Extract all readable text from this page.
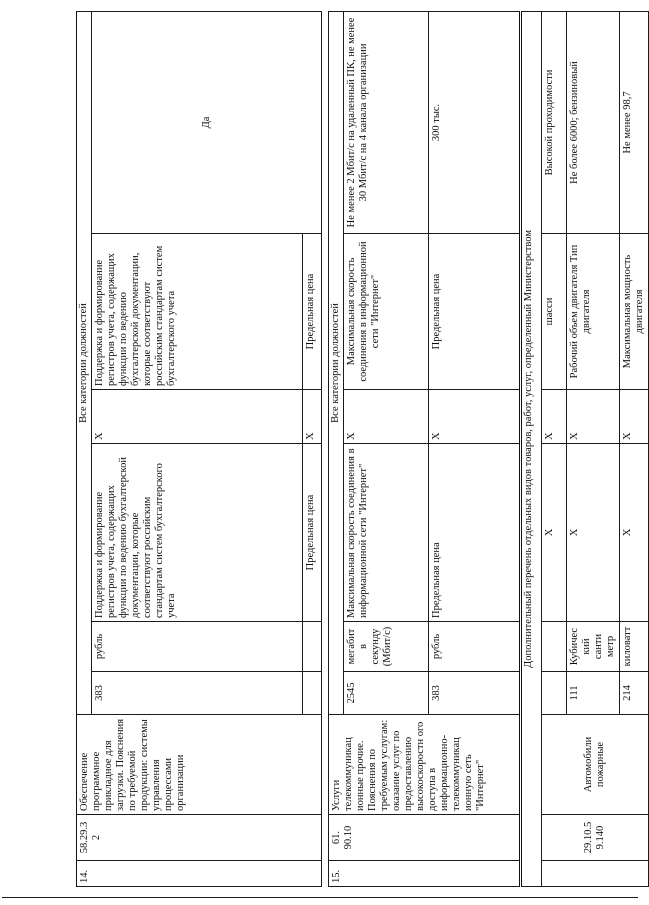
14.	58.29.3 2	Обеспечение программное прикладное для загрузки. Пояснения по требуемой продукции: системы управления процессами организации	Все категории должностей					
			383	рубль	Поддержка и формирование регистров учета, содержащих функции по ведению бухгалтерской документации, которые соответствуют российским стандартам систем бухгалтерского учета	X	Поддержка и формирование регистров учета, содержащих функции по ведению бухгалтерской документации, которые соответствуют российским стандартам систем бухгалтерского учета	Да
					Предельная цена	X	Предельная цена	

15.	61. 90.10	Услуги телекоммуникац ионные прочие. Пояснения по требуемым услугам: оказание услуг по предоставлению высокоскоростн ого доступа в информационно- телекоммуникац ионную сеть "Интернет"	Все категории должностей					
			2545	мегабит в секунду (Мбит/с)	Максимальная скорость соединения в информационной сети "Интернет"	X	Максимальная скорость соединения в информационной сети "Интернет"	Не менее 2 Мбит/с на удаленный ПК, не менее 30 Мбит/с на 4 канала организации
			383	рубль	Предельная цена	X	Предельная цена	300 тыс.
Дополнительный перечень отдельных видов товаров, работ, услуг, определенный Министерством								
	29.10.5 9.140	Автомобили пожарные			X	X	шасси	Высокой проходимости
			111	Кубичес кий санти метр	X	X	Рабочий объем двигателя Тип двигателя	Не более 6000; бензиновый
			214	киловатт	X	X	Максимальная мощность двигателя	Не менее 98,7
